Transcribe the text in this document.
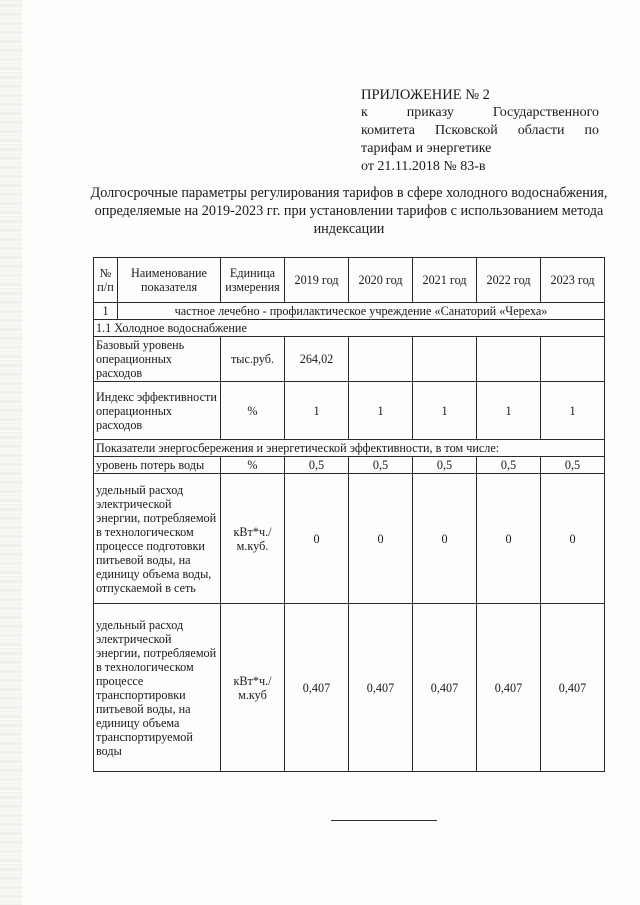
ПРИЛОЖЕНИЕ № 2
к приказу Государственного
комитета Псковской области по
тарифам и энергетике
от 21.11.2018 № 83-в
Долгосрочные параметры регулирования тарифов в сфере холодного водоснабжения, определяемые на 2019-2023 гг. при установлении тарифов с использованием метода индексации
№ п/п	Наименование показателя	Единица измерения	2019 год	2020 год	2021 год	2022 год	2023 год
1	частное лечебно - профилактическое учреждение «Санаторий «Череха»						
1.1 Холодное водоснабжение							
Базовый уровень операционных расходов		тыс.руб.	264,02				
Индекс эффективности операционных расходов		%	1	1	1	1	1
Показатели энергосбережения и энергетической эффективности, в том числе:							
уровень потерь воды		%	0,5	0,5	0,5	0,5	0,5
удельный расход электрической энергии, потребляемой в технологическом процессе подготовки питьевой воды, на единицу объема воды, отпускаемой в сеть		кВт*ч./м.куб.	0	0	0	0	0
удельный расход электрической энергии, потребляемой в технологическом процессе транспортировки питьевой воды, на единицу объема транспортируемой воды		кВт*ч./м.куб	0,407	0,407	0,407	0,407	0,407
